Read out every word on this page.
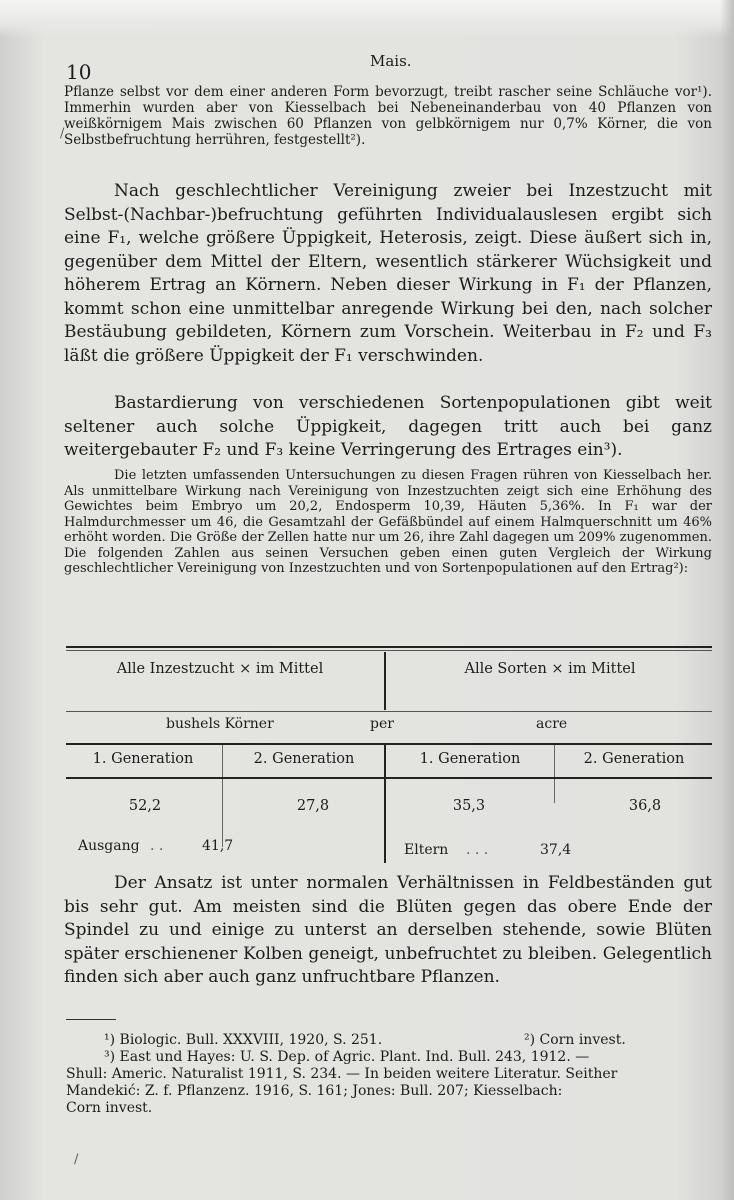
10	Mais.

Pflanze selbst vor dem einer anderen Form bevorzugt, treibt rascher seine Schläuche vor¹). Immerhin wurden aber von Kiesselbach bei Nebeneinanderbau von 40 Pflanzen von weißkörnigem Mais zwischen 60 Pflanzen von gelbkörnigem nur 0,7% Körner, die von Selbstbefruchtung herrühren, festgestellt²).

Nach geschlechtlicher Vereinigung zweier bei Inzestzucht mit Selbst-(Nachbar-)befruchtung geführten Individualauslesen ergibt sich eine F₁, welche größere Üppigkeit, Heterosis, zeigt. Diese äußert sich in, gegenüber dem Mittel der Eltern, wesentlich stärkerer Wüchsigkeit und höherem Ertrag an Körnern. Neben dieser Wirkung in F₁ der Pflanzen, kommt schon eine unmittelbar anregende Wirkung bei den, nach solcher Bestäubung gebildeten, Körnern zum Vorschein. Weiterbau in F₂ und F₃ läßt die größere Üppigkeit der F₁ verschwinden.

Bastardierung von verschiedenen Sortenpopulationen gibt weit seltener auch solche Üppigkeit, dagegen tritt auch bei ganz weitergebauter F₂ und F₃ keine Verringerung des Ertrages ein³).

Die letzten umfassenden Untersuchungen zu diesen Fragen rühren von Kiesselbach her. Als unmittelbare Wirkung nach Vereinigung von Inzestzuchten zeigt sich eine Erhöhung des Gewichtes beim Embryo um 20,2, Endosperm 10,39, Häuten 5,36%. In F₁ war der Halmdurchmesser um 46, die Gesamtzahl der Gefäßbündel auf einem Halmquerschnitt um 46% erhöht worden. Die Größe der Zellen hatte nur um 26, ihre Zahl dagegen um 209% zugenommen. Die folgenden Zahlen aus seinen Versuchen geben einen guten Vergleich der Wirkung geschlechtlicher Vereinigung von Inzestzuchten und von Sortenpopulationen auf den Ertrag²):

Alle Inzestzucht ⨯ im Mittel	Alle Sorten ⨯ im Mittel
bushels Körner	per	acre
1. Generation	2. Generation	1. Generation	2. Generation
52,2	27,8	35,3	36,8
Ausgang . .	41,7	Eltern . . .	37,4

Der Ansatz ist unter normalen Verhältnissen in Feldbeständen gut bis sehr gut. Am meisten sind die Blüten gegen das obere Ende der Spindel zu und einige zu unterst an derselben stehende, sowie Blüten später erschienener Kolben geneigt, unbefruchtet zu bleiben. Gelegentlich finden sich aber auch ganz unfruchtbare Pflanzen.

¹) Biologic. Bull. XXXVIII, 1920, S. 251.	²) Corn invest.
³) East und Hayes: U. S. Dep. of Agric. Plant. Ind. Bull. 243, 1912. —
Shull: Americ. Naturalist 1911, S. 234. — In beiden weitere Literatur. Seither
Mandekić: Z. f. Pflanzenz. 1916, S. 161; Jones: Bull. 207; Kiesselbach:
Corn invest.
/
/
